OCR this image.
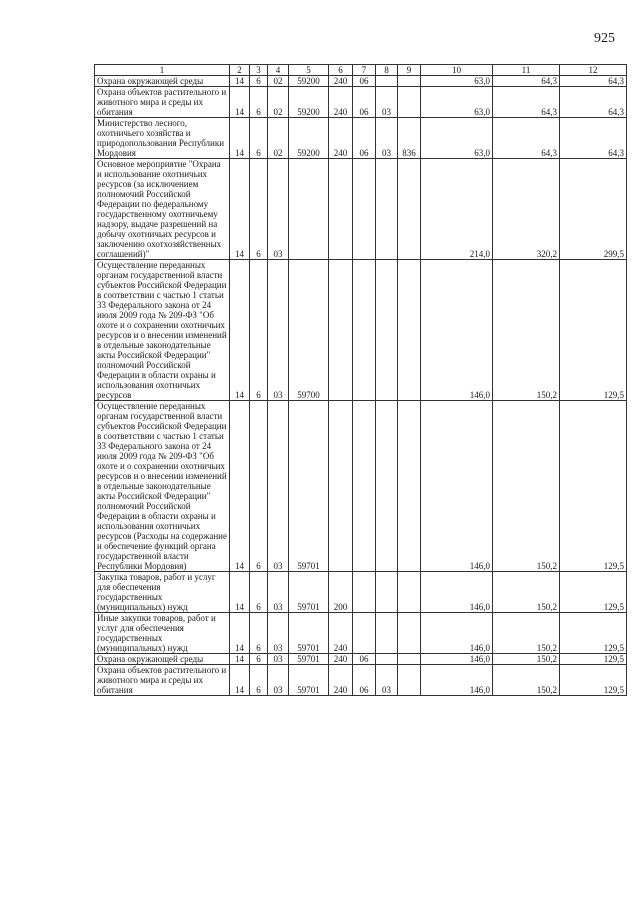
925
1	2	3	4	5	6	7	8	9	10	11	12
Охрана окружающей среды	14	6	02	59200	240	06			63,0	64,3	64,3
Охрана объектов растительного и животного мира и среды их обитания	14	6	02	59200	240	06	03		63,0	64,3	64,3
Министерство лесного, охотничьего хозяйства и природопользования Республики Мордовия	14	6	02	59200	240	06	03	836	63,0	64,3	64,3
Основное мероприятие "Охрана и использование охотничьих ресурсов (за исключением полномочий Российской Федерации по федеральному государственному охотничьему надзору, выдаче разрешений на добычу охотничьих ресурсов и заключению охотхозяйственных соглашений)"	14	6	03						214,0	320,2	299,5
Осуществление переданных органам государственной власти субъектов Российской Федерации в соответствии с частью 1 статьи 33 Федерального закона от 24 июля 2009 года № 209-ФЗ "Об охоте и о сохранении охотничьих ресурсов и о внесении изменений в отдельные законодательные акты Российской Федерации" полномочий Российской Федерации в области охраны и использования охотничьих ресурсов	14	6	03	59700					146,0	150,2	129,5
Осуществление переданных органам государственной власти субъектов Российской Федерации в соответствии с частью 1 статьи 33 Федерального закона от 24 июля 2009 года № 209-ФЗ "Об охоте и о сохранении охотничьих ресурсов и о внесении изменений в отдельные законодательные акты Российской Федерации" полномочий Российской Федерации в области охраны и использования охотничьих ресурсов (Расходы на содержание и обеспечение функций органа государственной власти Республики Мордовия)	14	6	03	59701					146,0	150,2	129,5
Закупка товаров, работ и услуг для обеспечения государственных (муниципальных) нужд	14	6	03	59701	200				146,0	150,2	129,5
Иные закупки товаров, работ и услуг для обеспечения государственных (муниципальных) нужд	14	6	03	59701	240				146,0	150,2	129,5
Охрана окружающей среды	14	6	03	59701	240	06			146,0	150,2	129,5
Охрана объектов растительного и животного мира и среды их обитания	14	6	03	59701	240	06	03		146,0	150,2	129,5
